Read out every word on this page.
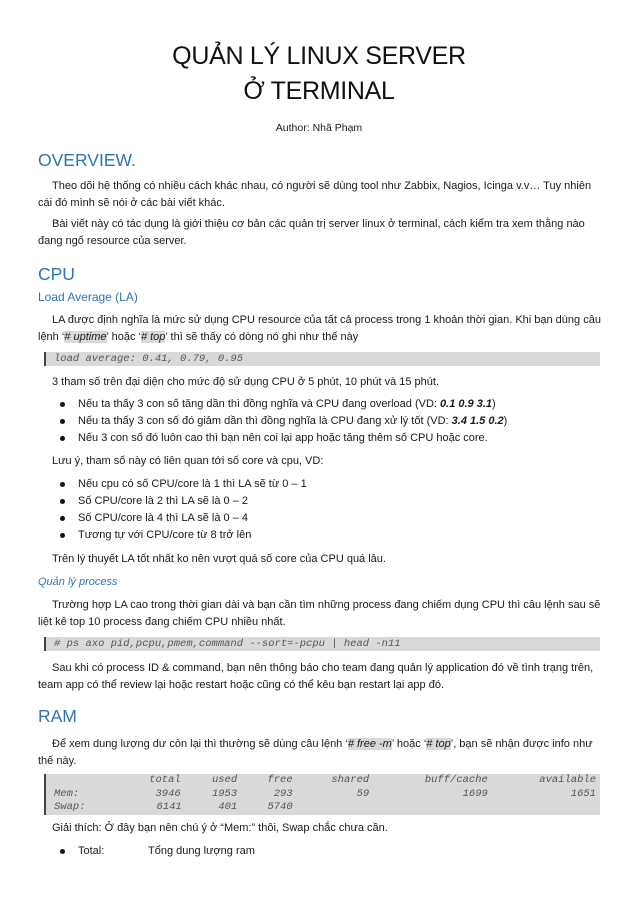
QUẢN LÝ LINUX SERVER
Ở TERMINAL
Author: Nhã Phạm
OVERVIEW.
Theo dõi hệ thống có nhiều cách khác nhau, có người sẽ dùng tool như Zabbix, Nagios, Icinga v.v… Tuy nhiên cái đó mình sẽ nói ở các bài viết khác.
Bài viết này có tác dụng là giới thiệu cơ bản các quản trị server linux ở terminal, cách kiểm tra xem thằng nào đang ngố resource của server.
CPU
Load Average (LA)
LA được định nghĩa là mức sử dụng CPU resource của tất cả process trong 1 khoản thời gian. Khi bạn dùng câu lệnh ‘# uptime’ hoặc ‘# top’ thì sẽ thấy có dòng nó ghi như thế này
load average: 0.41, 0.79, 0.95
3 tham số trên đại diện cho mức độ sử dụng CPU ở 5 phút, 10 phút và 15 phút.
Nếu ta thấy 3 con số tăng dần thì đồng nghĩa và CPU đang overload (VD: 0.1 0.9 3.1)
Nếu ta thấy 3 con số đó giảm dần thì đồng nghĩa là CPU đang xử lý tốt (VD: 3.4 1.5 0.2)
Nếu 3 con số đó luôn cao thì bạn nên coi lại app hoặc tăng thêm số CPU hoặc core.
Lưu ý, tham số này có liên quan tới số core và cpu, VD:
Nếu cpu có số CPU/core là 1 thì LA sẽ từ 0 – 1
Số CPU/core là 2 thì LA sẽ là 0 – 2
Số CPU/core là 4 thì LA sẽ là 0 – 4
Tương tự với CPU/core từ 8 trở lên
Trên lý thuyết LA tốt nhất ko nên vượt quá số core của CPU quá lâu.
Quản lý process
Trường hợp LA cao trong thời gian dài và bạn cần tìm những process đang chiếm dụng CPU thì câu lệnh sau sẽ liệt kê top 10 process đang chiếm CPU nhiều nhất.
# ps axo pid,pcpu,pmem,command --sort=-pcpu | head -n11
Sau khi có process ID & command, bạn nên thông báo cho team đang quản lý application đó về tình trạng trên, team app có thể review lại hoặc restart hoặc cũng có thể kêu bạn restart lại app đó.
RAM
Để xem dung lượng dư còn lại thì thường sẽ dùng câu lệnh ‘# free -m’ hoặc ‘# top’, bạn sẽ nhận được info như thế này.
	total	used	free	shared	buff/cache	available
Mem:	3946	1953	293	59	1699	1651
Swap:	6141	401	5740			
Giải thích: Ở đây bạn nên chú ý ở “Mem:” thôi, Swap chắc chưa cần.
Total:	Tổng dung lượng ram
